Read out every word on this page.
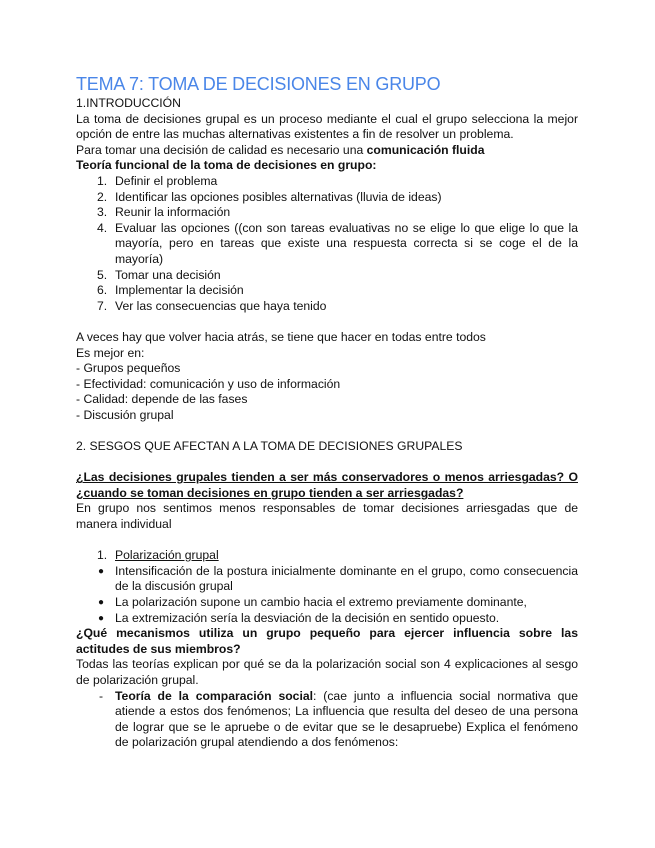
TEMA 7: TOMA DE DECISIONES EN GRUPO

1.INTRODUCCIÓN

La toma de decisiones grupal es un proceso mediante el cual el grupo selecciona la mejor opción de entre las muchas alternativas existentes a fin de resolver un problema.

Para tomar una decisión de calidad es necesario una comunicación fluida

Teoría funcional de la toma de decisiones en grupo:

1. Definir el problema
2. Identificar las opciones posibles alternativas (lluvia de ideas)
3. Reunir la información
4. Evaluar las opciones ((con son tareas evaluativas no se elige lo que elige lo que la mayoría, pero en tareas que existe una respuesta correcta si se coge el de la mayoría)
5. Tomar una decisión
6. Implementar la decisión
7. Ver las consecuencias que haya tenido

A veces hay que volver hacia atrás, se tiene que hacer en todas entre todos

Es mejor en:

- Grupos pequeños

- Efectividad: comunicación y uso de información

- Calidad: depende de las fases

- Discusión grupal

2. SESGOS QUE AFECTAN A LA TOMA DE DECISIONES GRUPALES

¿Las decisiones grupales tienden a ser más conservadores o menos arriesgadas? O ¿cuando se toman decisiones en grupo tienden a ser arriesgadas?

En grupo nos sentimos menos responsables de tomar decisiones arriesgadas que de manera individual

1. Polarización grupal
● Intensificación de la postura inicialmente dominante en el grupo, como consecuencia de la discusión grupal
● La polarización supone un cambio hacia el extremo previamente dominante,
● La extremización sería la desviación de la decisión en sentido opuesto.

¿Qué mecanismos utiliza un grupo pequeño para ejercer influencia sobre las actitudes de sus miembros?

Todas las teorías explican por qué se da la polarización social son 4 explicaciones al sesgo de polarización grupal.

- Teoría de la comparación social: (cae junto a influencia social normativa que atiende a estos dos fenómenos; La influencia que resulta del deseo de una persona de lograr que se le apruebe o de evitar que se le desapruebe) Explica el fenómeno de polarización grupal atendiendo a dos fenómenos:
